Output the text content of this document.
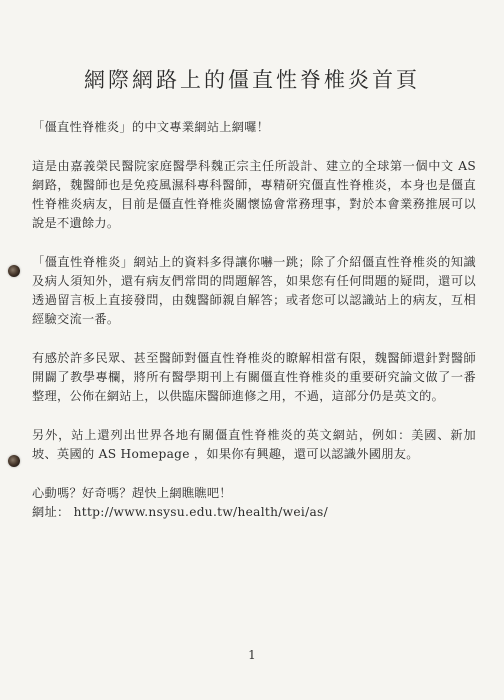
網際網路上的僵直性脊椎炎首頁

「僵直性脊椎炎」的中文專業網站上網囉！

這是由嘉義榮民醫院家庭醫學科魏正宗主任所設計、建立的全球第一個中文 AS 網路，魏醫師也是免疫風濕科專科醫師，專精研究僵直性脊椎炎，本身也是僵直性脊椎炎病友，目前是僵直性脊椎炎關懷協會常務理事，對於本會業務推展可以說是不遺餘力。

「僵直性脊椎炎」網站上的資料多得讓你嚇一跳；除了介紹僵直性脊椎炎的知識及病人須知外，還有病友們常問的問題解答，如果您有任何問題的疑問，還可以透過留言板上直接發問，由魏醫師親自解答；或者您可以認識站上的病友，互相經驗交流一番。

有感於許多民眾、甚至醫師對僵直性脊椎炎的瞭解相當有限，魏醫師還針對醫師開闢了教學專欄，將所有醫學期刊上有關僵直性脊椎炎的重要研究論文做了一番整理，公佈在網站上，以供臨床醫師進修之用，不過，這部分仍是英文的。

另外，站上還列出世界各地有關僵直性脊椎炎的英文網站，例如：美國、新加坡、英國的 AS Homepage ，如果你有興趣，還可以認識外國朋友。

心動嗎？好奇嗎？趕快上網瞧瞧吧！
網址： http://www.nsysu.edu.tw/health/wei/as/
1
